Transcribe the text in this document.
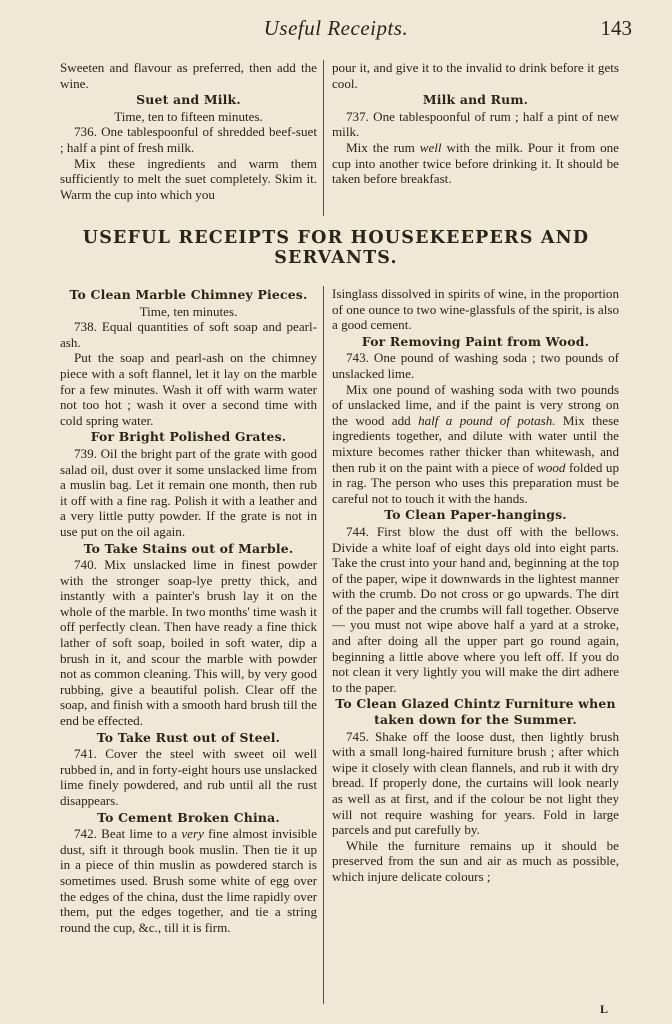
Useful Receipts.	143

Sweeten and flavour as preferred, then add the wine.

Suet and Milk.

Time, ten to fifteen minutes.

736. One tablespoonful of shredded beef-suet ; half a pint of fresh milk.

Mix these ingredients and warm them sufficiently to melt the suet completely. Skim it. Warm the cup into which you

pour it, and give it to the invalid to drink before it gets cool.

Milk and Rum.

737. One tablespoonful of rum ; half a pint of new milk.

Mix the rum well with the milk. Pour it from one cup into another twice before drinking it. It should be taken before breakfast.

USEFUL RECEIPTS FOR HOUSEKEEPERS AND
SERVANTS.
To Clean Marble Chimney Pieces.

Time, ten minutes.

738. Equal quantities of soft soap and pearl-ash.

Put the soap and pearl-ash on the chimney piece with a soft flannel, let it lay on the marble for a few minutes. Wash it off with warm water not too hot ; wash it over a second time with cold spring water.

For Bright Polished Grates.

739. Oil the bright part of the grate with good salad oil, dust over it some unslacked lime from a muslin bag. Let it remain one month, then rub it off with a fine rag. Polish it with a leather and a very little putty powder. If the grate is not in use put on the oil again.

To Take Stains out of Marble.

740. Mix unslacked lime in finest powder with the stronger soap-lye pretty thick, and instantly with a painter's brush lay it on the whole of the marble. In two months' time wash it off perfectly clean. Then have ready a fine thick lather of soft soap, boiled in soft water, dip a brush in it, and scour the marble with powder not as common cleaning. This will, by very good rubbing, give a beautiful polish. Clear off the soap, and finish with a smooth hard brush till the end be effected.

To Take Rust out of Steel.

741. Cover the steel with sweet oil well rubbed in, and in forty-eight hours use unslacked lime finely powdered, and rub until all the rust disappears.

To Cement Broken China.

742. Beat lime to a very fine almost invisible dust, sift it through book muslin. Then tie it up in a piece of thin muslin as powdered starch is sometimes used. Brush some white of egg over the edges of the china, dust the lime rapidly over them, put the edges together, and tie a string round the cup, &c., till it is firm.

Isinglass dissolved in spirits of wine, in the proportion of one ounce to two wine-glassfuls of the spirit, is also a good cement.

For Removing Paint from Wood.

743. One pound of washing soda ; two pounds of unslacked lime.

Mix one pound of washing soda with two pounds of unslacked lime, and if the paint is very strong on the wood add half a pound of potash. Mix these ingredients together, and dilute with water until the mixture becomes rather thicker than whitewash, and then rub it on the paint with a piece of wood folded up in rag. The person who uses this preparation must be careful not to touch it with the hands.

To Clean Paper-hangings.

744. First blow the dust off with the bellows. Divide a white loaf of eight days old into eight parts. Take the crust into your hand and, beginning at the top of the paper, wipe it downwards in the lightest manner with the crumb. Do not cross or go upwards. The dirt of the paper and the crumbs will fall together. Observe— you must not wipe above half a yard at a stroke, and after doing all the upper part go round again, beginning a little above where you left off. If you do not clean it very lightly you will make the dirt adhere to the paper.

To Clean Glazed Chintz Furniture when taken down for the Summer.

745. Shake off the loose dust, then lightly brush with a small long-haired furniture brush ; after which wipe it closely with clean flannels, and rub it with dry bread. If properly done, the curtains will look nearly as well as at first, and if the colour be not light they will not require washing for years. Fold in large parcels and put carefully by.

While the furniture remains up it should be preserved from the sun and air as much as possible, which injure delicate colours ;

L
